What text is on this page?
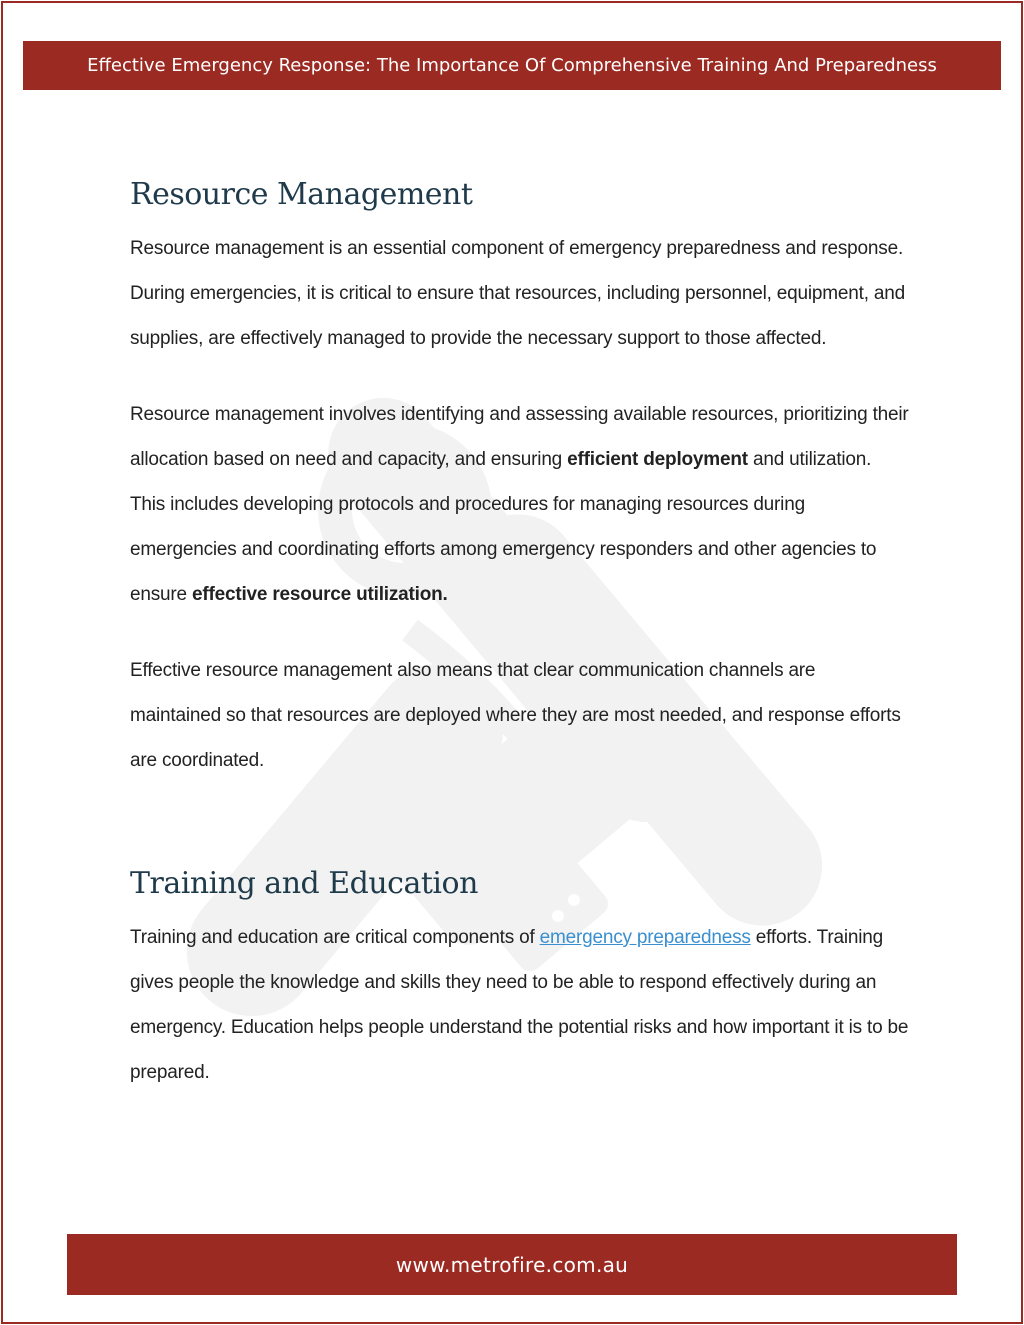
Effective Emergency Response: The Importance Of Comprehensive Training And Preparedness
Resource Management

Resource management is an essential component of emergency preparedness and response. During emergencies, it is critical to ensure that resources, including personnel, equipment, and supplies, are effectively managed to provide the necessary support to those affected.

Resource management involves identifying and assessing available resources, prioritizing their allocation based on need and capacity, and ensuring efficient deployment and utilization. This includes developing protocols and procedures for managing resources during emergencies and coordinating efforts among emergency responders and other agencies to ensure effective resource utilization.

Effective resource management also means that clear communication channels are maintained so that resources are deployed where they are most needed, and response efforts are coordinated.

Training and Education

Training and education are critical components of emergency preparedness efforts. Training gives people the knowledge and skills they need to be able to respond effectively during an emergency. Education helps people understand the potential risks and how important it is to be prepared.

www.metrofire.com.au
